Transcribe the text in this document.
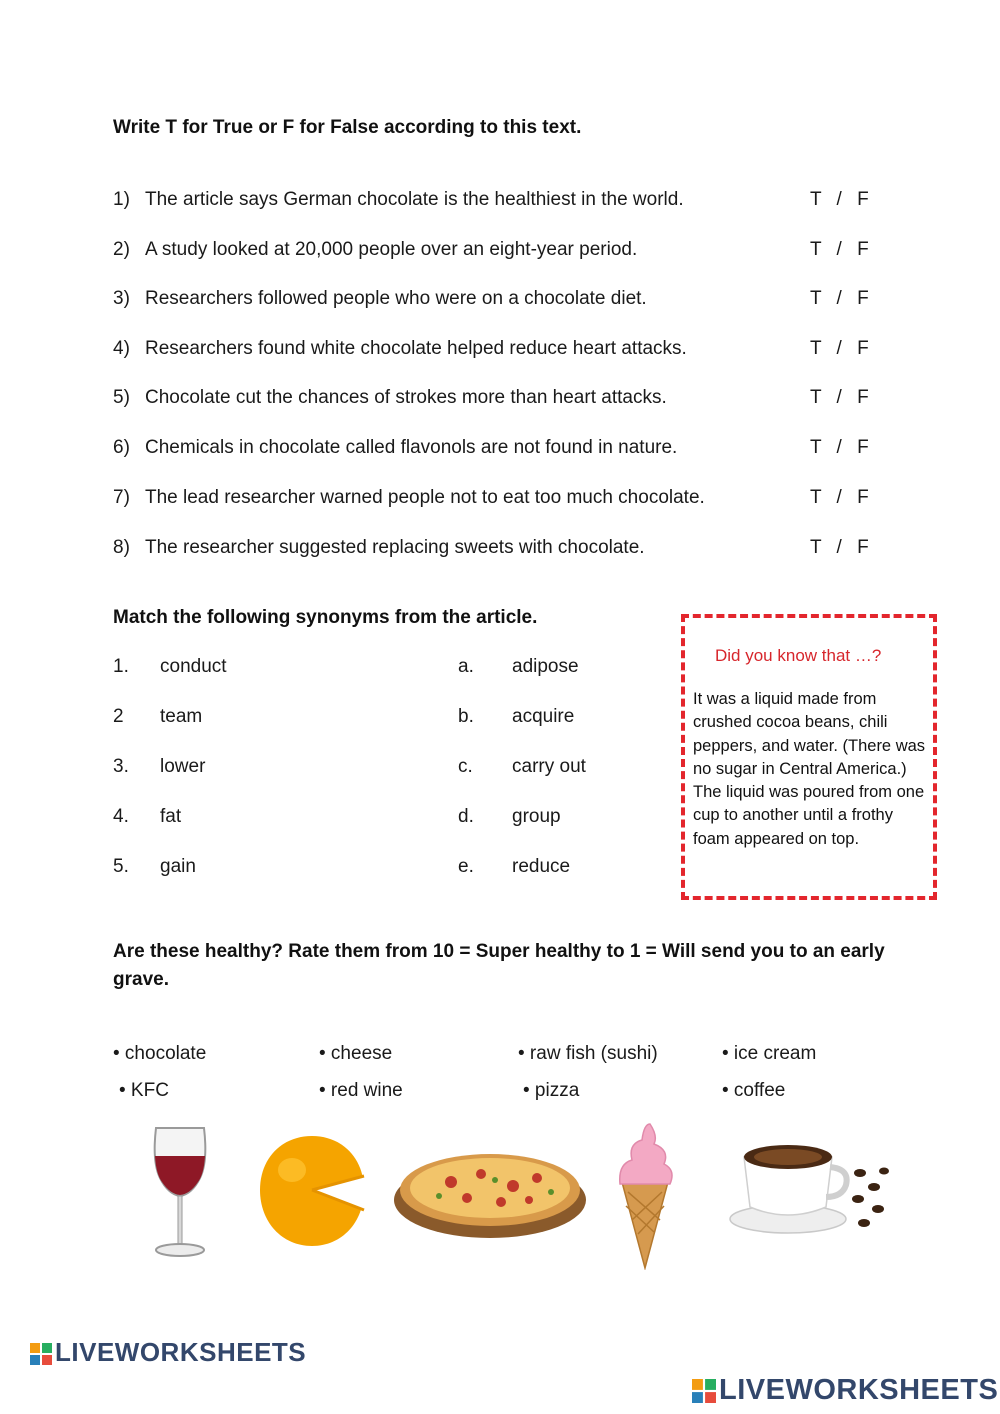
Write T for True or F for False according to this text.
1) The article says German chocolate is the healthiest in the world.	T / F
2) A study looked at 20,000 people over an eight-year period.	T / F
3) Researchers followed people who were on a chocolate diet.	T / F
4) Researchers found white chocolate helped reduce heart attacks.	T / F
5) Chocolate cut the chances of strokes more than heart attacks.	T / F
6) Chemicals in chocolate called flavonols are not found in nature.	T / F
7) The lead researcher warned people not to eat too much chocolate.	T / F
8) The researcher suggested replacing sweets with chocolate.	T / F
Match the following synonyms from the article.
1. conduct	a. adipose
2 team	b. acquire
3. lower	c. carry out
4. fat	d. group
5. gain	e. reduce
Did you know that …?
It was a liquid made from crushed cocoa beans, chili peppers, and water. (There was no sugar in Central America.) The liquid was poured from one cup to another until a frothy foam appeared on top.
Are these healthy? Rate them from 10 = Super healthy to 1 = Will send you to an early
grave.
• chocolate	• cheese	• raw fish (sushi)	• ice cream
• KFC	• red wine	• pizza	• coffee
LIVEWORKSHEETS
LIVEWORKSHEETS
